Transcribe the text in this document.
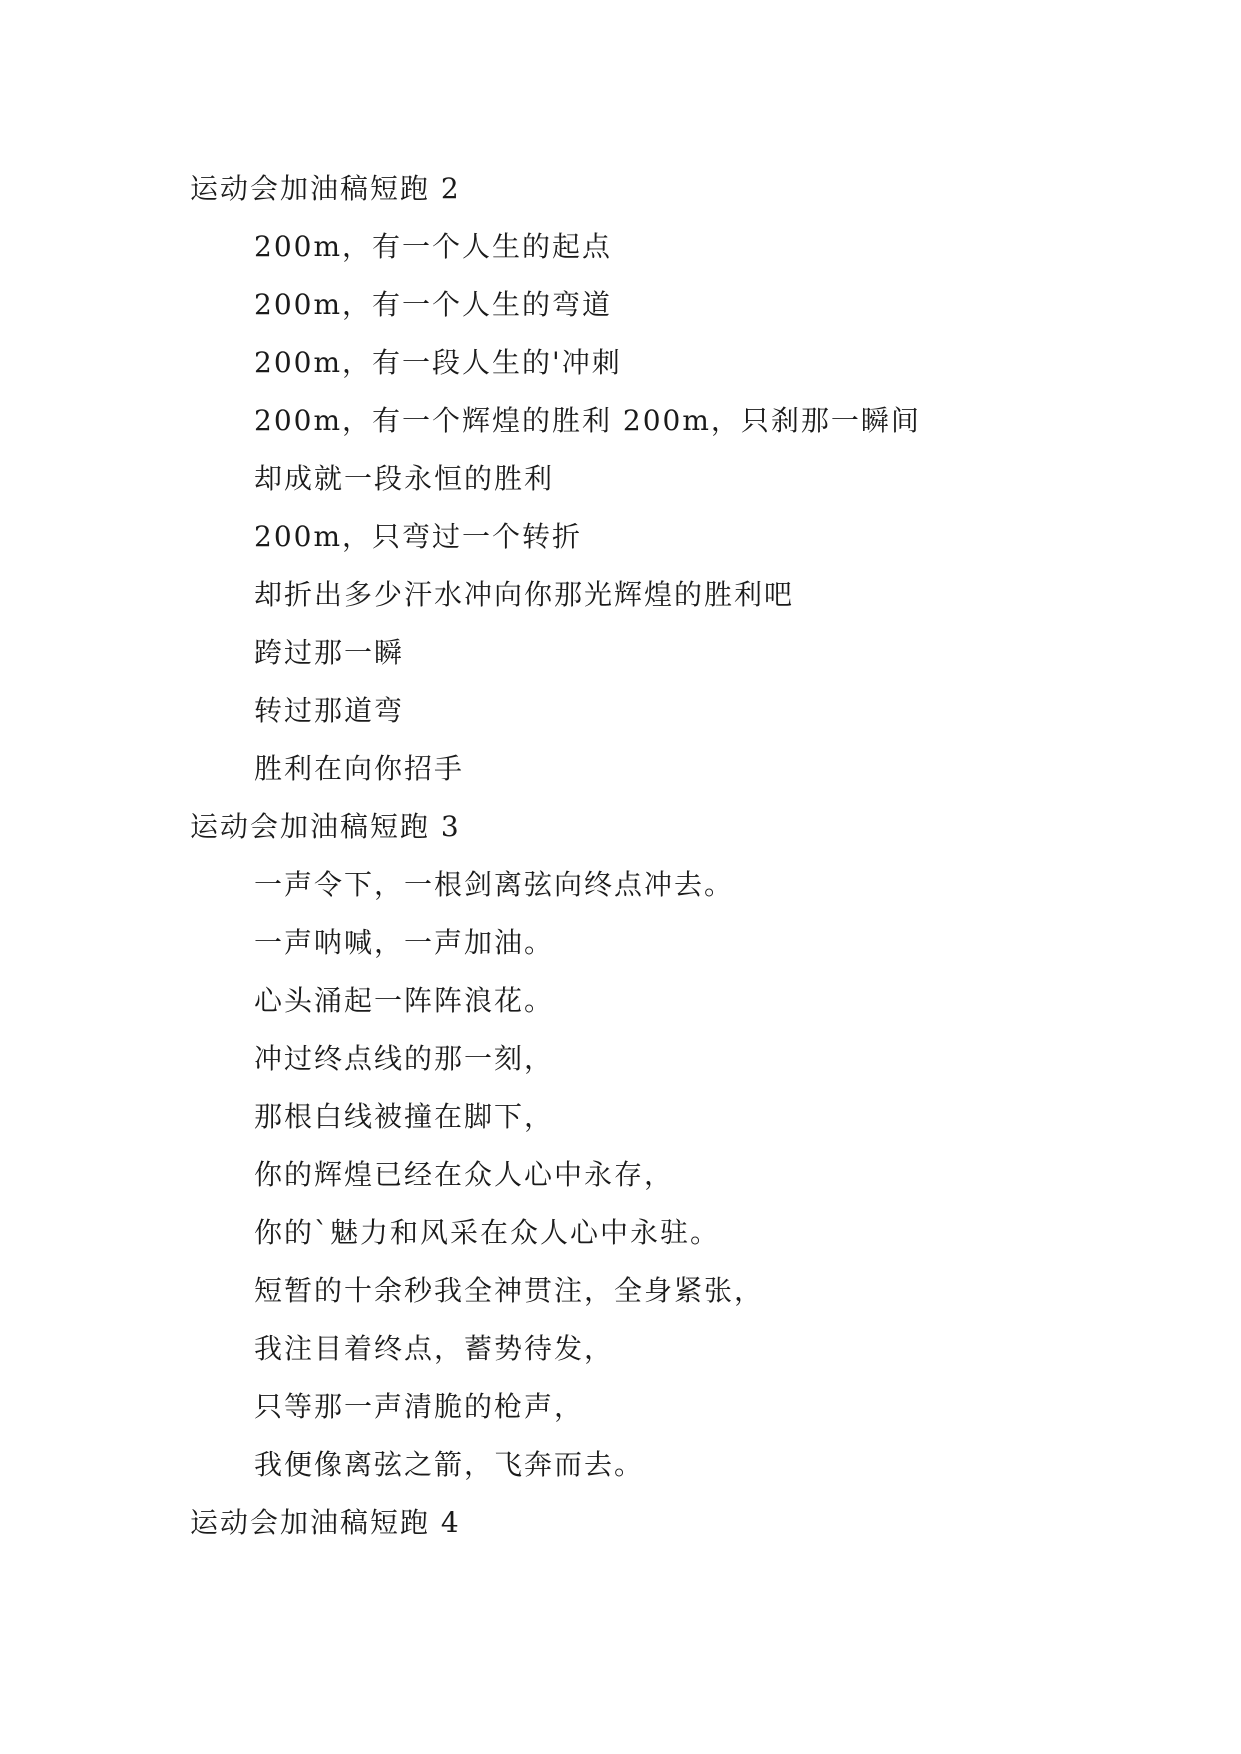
运动会加油稿短跑 2
200m，有一个人生的起点
200m，有一个人生的弯道
200m，有一段人生的'冲刺
200m，有一个辉煌的胜利 200m，只刹那一瞬间
却成就一段永恒的胜利
200m，只弯过一个转折
却折出多少汗水冲向你那光辉煌的胜利吧
跨过那一瞬
转过那道弯
胜利在向你招手
运动会加油稿短跑 3
一声令下，一根剑离弦向终点冲去。
一声呐喊，一声加油。
心头涌起一阵阵浪花。
冲过终点线的那一刻，
那根白线被撞在脚下，
你的辉煌已经在众人心中永存，
你的`魅力和风采在众人心中永驻。
短暂的十余秒我全神贯注，全身紧张，
我注目着终点，蓄势待发，
只等那一声清脆的枪声，
我便像离弦之箭，飞奔而去。
运动会加油稿短跑 4
